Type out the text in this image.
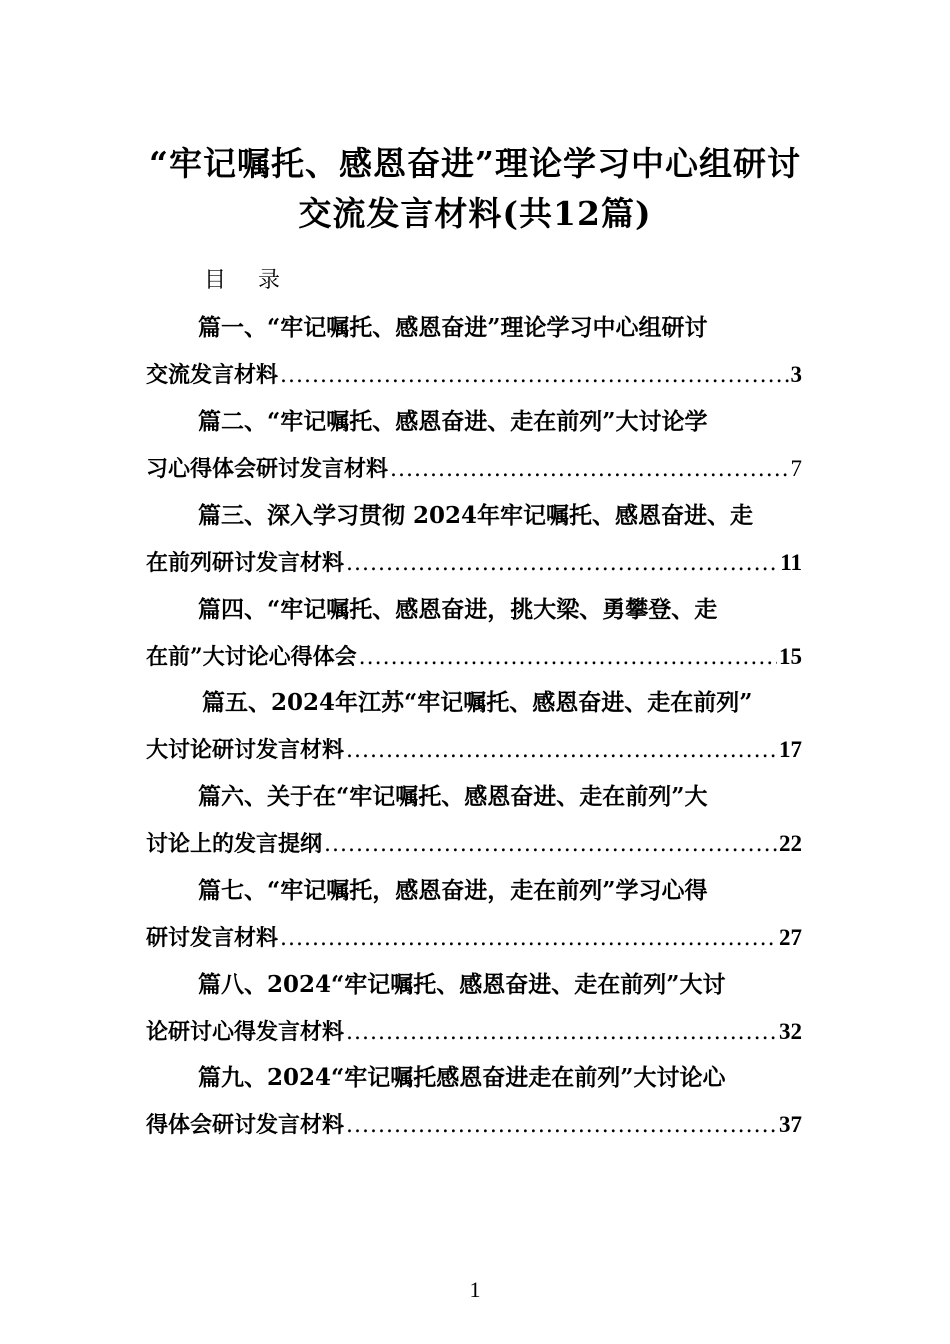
“牢记嘱托、感恩奋进”理论学习中心组研讨
交流发言材料(共12篇)
目录
篇一、“牢记嘱托、感恩奋进”理论学习中心组研讨
交流发言材料 .....	3
篇二、“牢记嘱托、感恩奋进、走在前列”大讨论学
习心得体会研讨发言材料 .....	7
篇三、深入学习贯彻 2024年牢记嘱托、感恩奋进、走
在前列研讨发言材料 .....	11
篇四、“牢记嘱托、感恩奋进，挑大梁、勇攀登、走
在前”大讨论心得体会 .....	15
篇五、2024年江苏“牢记嘱托、感恩奋进、走在前列”
大讨论研讨发言材料 .....	17
篇六、关于在“牢记嘱托、感恩奋进、走在前列”大
讨论上的发言提纲 .....	22
篇七、“牢记嘱托，感恩奋进，走在前列”学习心得
研讨发言材料 .....	27
篇八、2024“牢记嘱托、感恩奋进、走在前列”大讨
论研讨心得发言材料 .....	32
篇九、2024“牢记嘱托感恩奋进走在前列”大讨论心
得体会研讨发言材料 .....	37
1
